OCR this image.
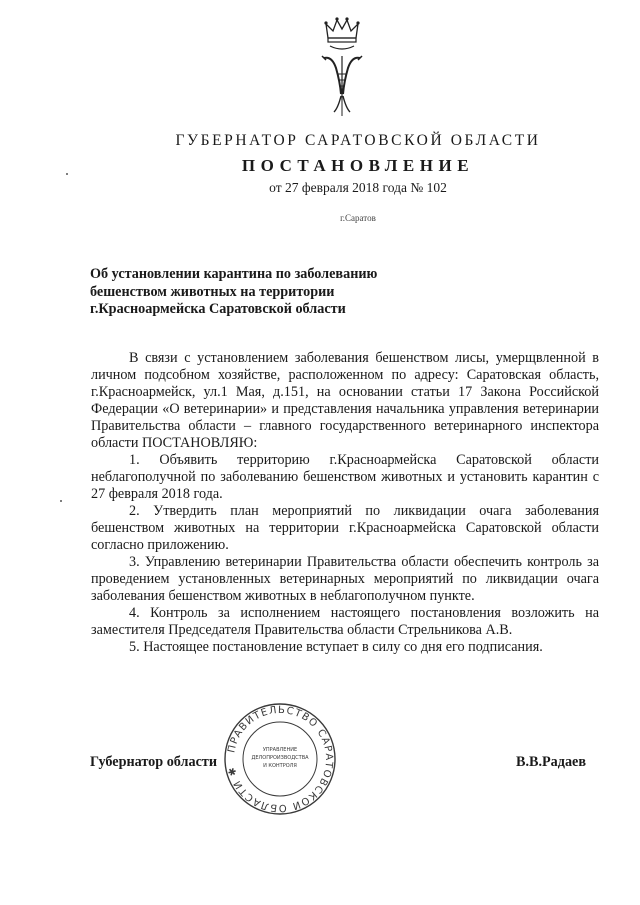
ГУБЕРНАТОР САРАТОВСКОЙ ОБЛАСТИ
ПОСТАНОВЛЕНИЕ
от 27 февраля 2018 года № 102
г.Саратов
Об установлении карантина по заболеванию
бешенством животных на территории
г.Красноармейска Саратовской области

В связи с установлением заболевания бешенством лисы, умерщвленной в личном подсобном хозяйстве, расположенном по адресу: Саратовская область, г.Красноармейск, ул.1 Мая, д.151, на основании статьи 17 Закона Российской Федерации «О ветеринарии» и представления начальника управления ветеринарии Правительства области – главного государственного ветеринарного инспектора области ПОСТАНОВЛЯЮ:

1. Объявить территорию г.Красноармейска Саратовской области неблагополучной по заболеванию бешенством животных и установить карантин с 27 февраля 2018 года.

2. Утвердить план мероприятий по ликвидации очага заболевания бешенством животных на территории г.Красноармейска Саратовской области согласно приложению.

3. Управлению ветеринарии Правительства области обеспечить контроль за проведением установленных ветеринарных мероприятий по ликвидации очага заболевания бешенством животных в неблагополучном пункте.

4. Контроль за исполнением настоящего постановления возложить на заместителя Председателя Правительства области Стрельникова А.В.

5. Настоящее постановление вступает в силу со дня его подписания.

Губернатор области	В.В.Радаев
ПРАВИТЕЛЬСТВО САРАТОВСКОЙ ОБЛАСТИ ✱
УПРАВЛЕНИЕ
ДЕЛОПРОИЗВОДСТВА
И КОНТРОЛЯ
